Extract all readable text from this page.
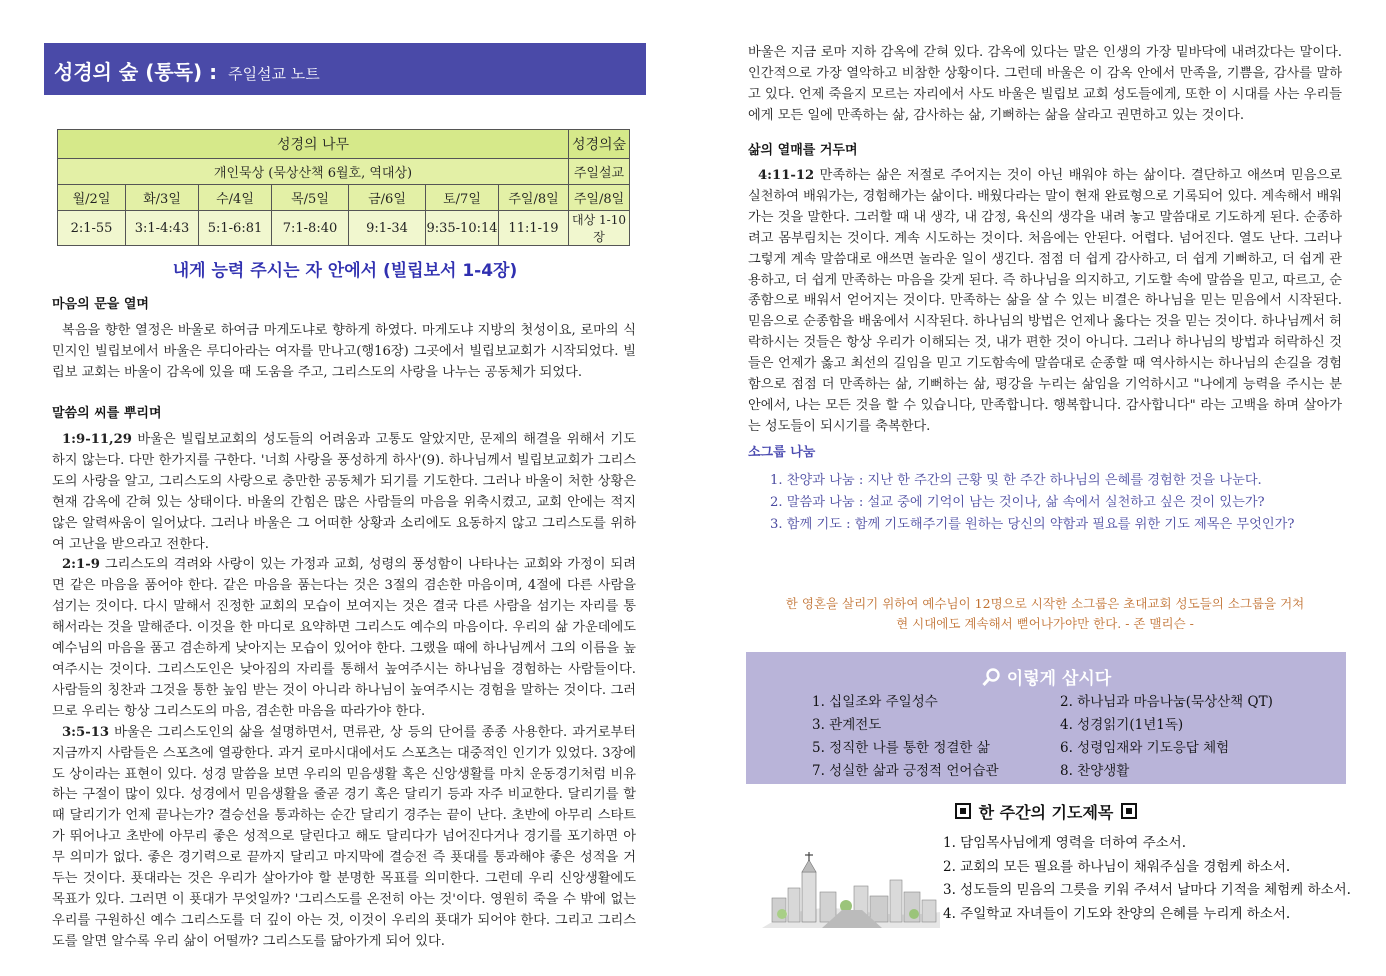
성경의 숲 (통독) : 주일설교 노트
성경의 나무							성경의숲
개인묵상 (묵상산책 6월호, 역대상)							주일설교
월/2일	화/3일	수/4일	목/5일	금/6일	토/7일	주일/8일	주일/8일
2:1-55	3:1-4:43	5:1-6:81	7:1-8:40	9:1-34	9:35-10:14	11:1-19	대상 1-10장
내게 능력 주시는 자 안에서 (빌립보서 1-4장)
마음의 문을 열며

복음을 향한 열정은 바울로 하여금 마게도냐로 향하게 하였다. 마게도냐 지방의 첫성이요, 로마의 식민지인 빌립보에서 바울은 루디아라는 여자를 만나고(행16장) 그곳에서 빌립보교회가 시작되었다. 빌립보 교회는 바울이 감옥에 있을 때 도움을 주고, 그리스도의 사랑을 나누는 공동체가 되었다.

말씀의 씨를 뿌리며

1:9-11,29 바울은 빌립보교회의 성도들의 어려움과 고통도 알았지만, 문제의 해결을 위해서 기도하지 않는다. 다만 한가지를 구한다. '너희 사랑을 풍성하게 하사'(9). 하나님께서 빌립보교회가 그리스도의 사랑을 알고, 그리스도의 사랑으로 충만한 공동체가 되기를 기도한다. 그러나 바울이 처한 상황은 현재 감옥에 갇혀 있는 상태이다. 바울의 간힘은 많은 사람들의 마음을 위축시켰고, 교회 안에는 적지 않은 알력싸움이 일어났다. 그러나 바울은 그 어떠한 상황과 소리에도 요동하지 않고 그리스도를 위하여 고난을 받으라고 전한다.

2:1-9 그리스도의 격려와 사랑이 있는 가정과 교회, 성령의 풍성함이 나타나는 교회와 가정이 되려면 같은 마음을 품어야 한다. 같은 마음을 품는다는 것은 3절의 겸손한 마음이며, 4절에 다른 사람을 섬기는 것이다. 다시 말해서 진정한 교회의 모습이 보여지는 것은 결국 다른 사람을 섬기는 자리를 통해서라는 것을 말해준다. 이것을 한 마디로 요약하면 그리스도 예수의 마음이다. 우리의 삶 가운데에도 예수님의 마음을 품고 겸손하게 낮아지는 모습이 있어야 한다. 그랬을 때에 하나님께서 그의 이름을 높여주시는 것이다. 그리스도인은 낮아짐의 자리를 통해서 높여주시는 하나님을 경험하는 사람들이다. 사람들의 칭찬과 그것을 통한 높임 받는 것이 아니라 하나님이 높여주시는 경험을 말하는 것이다. 그러므로 우리는 항상 그리스도의 마음, 겸손한 마음을 따라가야 한다.

3:5-13 바울은 그리스도인의 삶을 설명하면서, 면류관, 상 등의 단어를 종종 사용한다. 과거로부터 지금까지 사람들은 스포츠에 열광한다. 과거 로마시대에서도 스포츠는 대중적인 인기가 있었다. 3장에도 상이라는 표현이 있다. 성경 말씀을 보면 우리의 믿음생활 혹은 신앙생활를 마치 운동경기처럼 비유하는 구절이 많이 있다. 성경에서 믿음생활을 줄곧 경기 혹은 달리기 등과 자주 비교한다. 달리기를 할때 달리기가 언제 끝나는가? 결승선을 통과하는 순간 달리기 경주는 끝이 난다. 초반에 아무리 스타트가 뛰어나고 초반에 아무리 좋은 성적으로 달린다고 해도 달리다가 넘어진다거나 경기를 포기하면 아무 의미가 없다. 좋은 경기력으로 끝까지 달리고 마지막에 결승전 즉 푯대를 통과해야 좋은 성적을 거두는 것이다. 푯대라는 것은 우리가 살아가야 할 분명한 목표를 의미한다. 그런데 우리 신앙생활에도 목표가 있다. 그러면 이 푯대가 무엇일까? '그리스도를 온전히 아는 것'이다. 영원히 죽을 수 밖에 없는 우리를 구원하신 예수 그리스도를 더 깊이 아는 것, 이것이 우리의 푯대가 되어야 한다. 그리고 그리스도를 알면 알수록 우리 삶이 어떨까? 그리스도를 닮아가게 되어 있다.

바울은 지금 로마 지하 감옥에 갇혀 있다. 감옥에 있다는 말은 인생의 가장 밑바닥에 내려갔다는 말이다. 인간적으로 가장 열악하고 비참한 상황이다. 그런데 바울은 이 감옥 안에서 만족을, 기쁨을, 감사를 말하고 있다. 언제 죽을지 모르는 자리에서 사도 바울은 빌립보 교회 성도들에게, 또한 이 시대를 사는 우리들에게 모든 일에 만족하는 삶, 감사하는 삶, 기뻐하는 삶을 살라고 권면하고 있는 것이다.

삶의 열매를 거두며

4:11-12 만족하는 삶은 저절로 주어지는 것이 아닌 배워야 하는 삶이다. 결단하고 애쓰며 믿음으로 실천하여 배워가는, 경험해가는 삶이다. 배웠다라는 말이 현재 완료형으로 기록되어 있다. 계속해서 배워가는 것을 말한다. 그러할 때 내 생각, 내 감정, 육신의 생각을 내려 놓고 말씀대로 기도하게 된다. 순종하려고 몸부림치는 것이다. 계속 시도하는 것이다. 처음에는 안된다. 어렵다. 넘어진다. 열도 난다. 그러나 그렇게 계속 말씀대로 애쓰면 놀라운 일이 생긴다. 점점 더 쉽게 감사하고, 더 쉽게 기뻐하고, 더 쉽게 관용하고, 더 쉽게 만족하는 마음을 갖게 된다. 즉 하나님을 의지하고, 기도할 속에 말씀을 믿고, 따르고, 순종함으로 배워서 얻어지는 것이다. 만족하는 삶을 살 수 있는 비결은 하나님을 믿는 믿음에서 시작된다. 믿음으로 순종함을 배움에서 시작된다. 하나님의 방법은 언제나 옳다는 것을 믿는 것이다. 하나님께서 허락하시는 것들은 항상 우리가 이해되는 것, 내가 편한 것이 아니다. 그러나 하나님의 방법과 허락하신 것들은 언제가 옳고 최선의 길임을 믿고 기도함속에 말씀대로 순종할 때 역사하시는 하나님의 손길을 경험함으로 점점 더 만족하는 삶, 기뻐하는 삶, 평강을 누리는 삶임을 기억하시고 "나에게 능력을 주시는 분 안에서, 나는 모든 것을 할 수 있습니다, 만족합니다. 행복합니다. 감사합니다" 라는 고백을 하며 살아가는 성도들이 되시기를 축복한다.

소그룹 나눔
1. 찬양과 나눔 : 지난 한 주간의 근황 및 한 주간 하나님의 은혜를 경험한 것을 나눈다.
2. 말씀과 나눔 : 설교 중에 기억이 남는 것이나, 삶 속에서 실천하고 싶은 것이 있는가?
3. 함께 기도 : 함께 기도해주기를 원하는 당신의 약함과 필요를 위한 기도 제목은 무엇인가?
한 영혼을 살리기 위하여 예수님이 12명으로 시작한 소그룹은 초대교회 성도들의 소그룹을 거쳐
현 시대에도 계속해서 뻗어나가야만 한다. - 존 맬리슨 -
이렇게 삽시다
1. 십일조와 주일성수	2. 하나님과 마음나눔(묵상산책 QT)
3. 관계전도	4. 성경읽기(1년1독)
5. 정직한 나를 통한 정결한 삶	6. 성령임재와 기도응답 체험
7. 성실한 삶과 긍정적 언어습관	8. 찬양생활
한 주간의 기도제목
1. 담임목사님에게 영력을 더하여 주소서.
2. 교회의 모든 필요를 하나님이 채워주심을 경험케 하소서.
3. 성도들의 믿음의 그릇을 키워 주셔서 날마다 기적을 체험케 하소서.
4. 주일학교 자녀들이 기도와 찬양의 은혜를 누리게 하소서.
